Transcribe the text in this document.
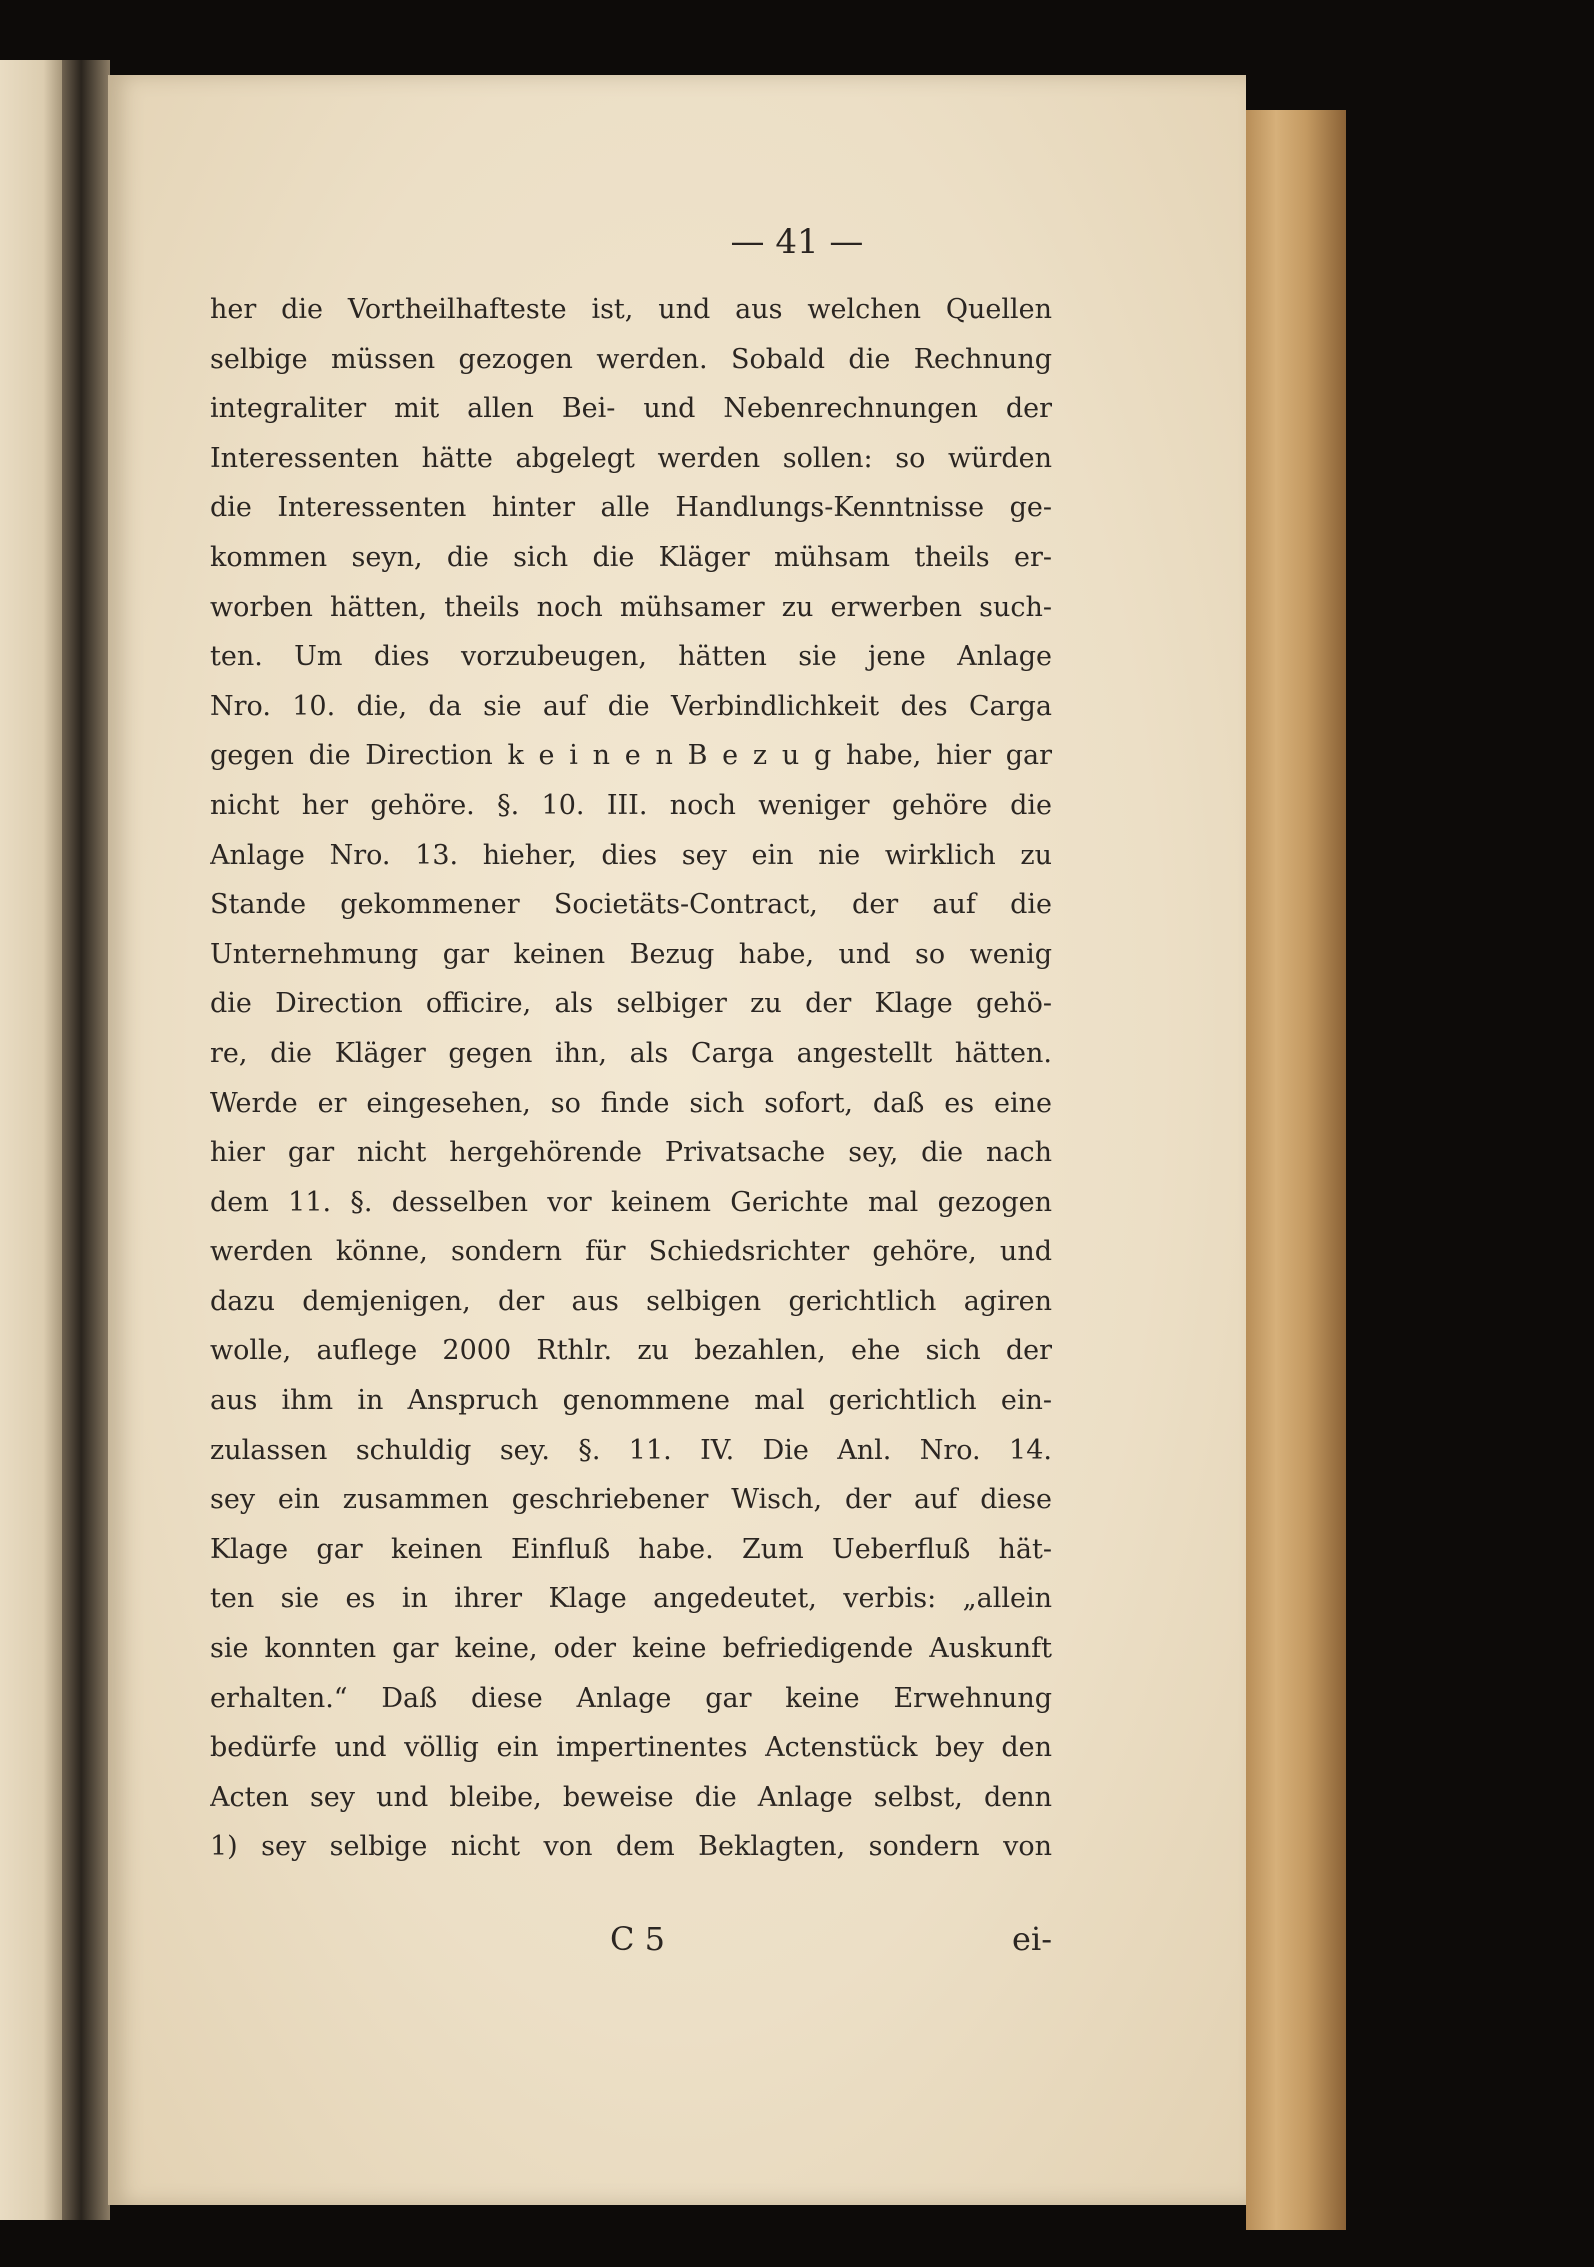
— 41 —
her die Vortheilhafteste ist, und aus welchen Quellen
selbige müssen gezogen werden. Sobald die Rechnung
integraliter mit allen Bei- und Nebenrechnungen der
Interessenten hätte abgelegt werden sollen: so würden
die Interessenten hinter alle Handlungs-Kenntnisse ge-
kommen seyn, die sich die Kläger mühsam theils er-
worben hätten, theils noch mühsamer zu erwerben such-
ten. Um dies vorzubeugen, hätten sie jene Anlage
Nro. 10. die, da sie auf die Verbindlichkeit des Carga
gegen die Direction k e i n e n B e z u g habe, hier gar
nicht her gehöre. §. 10. III. noch weniger gehöre die
Anlage Nro. 13. hieher, dies sey ein nie wirklich zu
Stande gekommener Societäts-Contract, der auf die
Unternehmung gar keinen Bezug habe, und so wenig
die Direction officire, als selbiger zu der Klage gehö-
re, die Kläger gegen ihn, als Carga angestellt hätten.
Werde er eingesehen, so finde sich sofort, daß es eine
hier gar nicht hergehörende Privatsache sey, die nach
dem 11. §. desselben vor keinem Gerichte mal gezogen
werden könne, sondern für Schiedsrichter gehöre, und
dazu demjenigen, der aus selbigen gerichtlich agiren
wolle, auflege 2000 Rthlr. zu bezahlen, ehe sich der
aus ihm in Anspruch genommene mal gerichtlich ein-
zulassen schuldig sey. §. 11. IV. Die Anl. Nro. 14.
sey ein zusammen geschriebener Wisch, der auf diese
Klage gar keinen Einfluß habe. Zum Ueberfluß hät-
ten sie es in ihrer Klage angedeutet, verbis: „allein
sie konnten gar keine, oder keine befriedigende Auskunft
erhalten.“ Daß diese Anlage gar keine Erwehnung
bedürfe und völlig ein impertinentes Actenstück bey den
Acten sey und bleibe, beweise die Anlage selbst, denn
1) sey selbige nicht von dem Beklagten, sondern von
C 5	ei-
